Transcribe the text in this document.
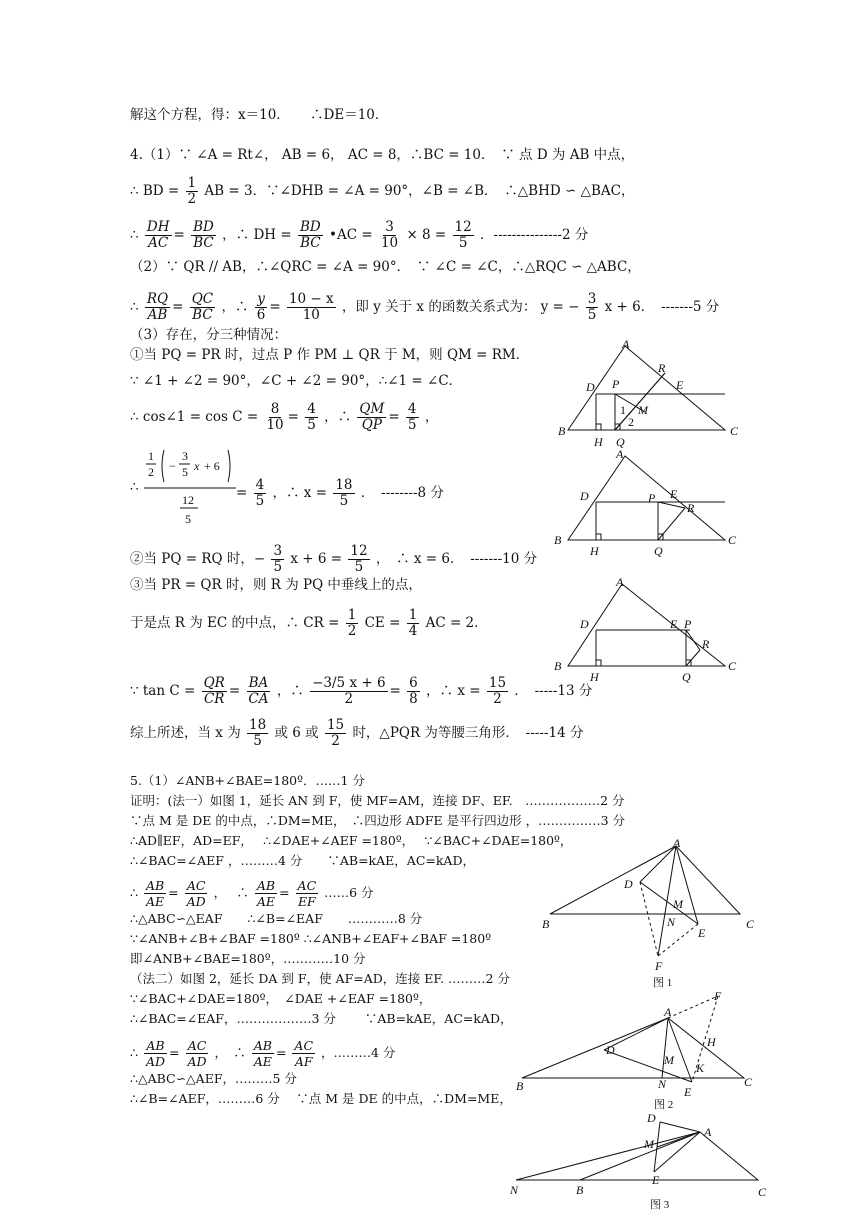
解这个方程，得：x＝10．　　∴DE＝10．
4.（1）∵ ∠A = Rt∠， AB = 6， AC = 8，∴BC = 10．　∵ 点 D 为 AB 中点，
∴ BD = $\frac{1}{2}$ AB = 3．∵∠DHB = ∠A = 90°，∠B = ∠B．　∴△BHD ∽ △BAC，
∴ $\frac{DH}{AC} = \frac{BD}{BC}$ ，∴ DH = $\frac{BD}{BC}$ •AC = $\frac{3}{10} \times 8 = \frac{12}{5}$ ．---------------2 分
（2）∵ QR // AB，∴∠QRC = ∠A = 90°．　∵ ∠C = ∠C，∴△RQC ∽ △ABC，
∴ $\frac{RQ}{AB} = \frac{QC}{BC}$ ，∴ $\frac{y}{6} = \frac{10 - x}{10}$ ，即 y 关于 x 的函数关系式为： y = − $\frac{3}{5}$ x + 6．　-------5 分
（3）存在，分三种情况：
①当 PQ = PR 时，过点 P 作 PM ⊥ QR 于 M，则 QM = RM．
∵ ∠1 + ∠2 = 90°，∠C + ∠2 = 90°，∴∠1 = ∠C．
∴ cos∠1 = $\cos C = \frac{8}{10} = \frac{4}{5}$ ，∴ $\frac{QM}{QP} = \frac{4}{5}$ ，
∴
1
2 −
3
5 x + 6
12
5
= $\frac{4}{5}$ ，∴ $x = \frac{18}{5}$ ．　--------8 分
②当 PQ = RQ 时，− $\frac{3}{5}$ $x + 6 = \frac{12}{5}$ ，　∴ x = 6．　-------10 分
③当 PR = QR 时，则 R 为 PQ 中垂线上的点，
于是点 R 为 EC 的中点，∴ CR = $\frac{1}{2}$ CE = $\frac{1}{4}$ AC = 2．
∵ $\tan C = \frac{QR}{CR} = \frac{BA}{CA}$ ，∴ $\frac{-3/5 x + 6}{2} = \frac{6}{8}$ ，∴ $x = \frac{15}{2}$ ．　-----13 分
综上所述，当 x 为 $\frac{18}{5}$ 或 6 或 $\frac{15}{2}$ 时，△PQR 为等腰三角形．　-----14 分
5.（1）∠ANB+∠BAE=180º．……1 分
证明：(法一）如图 1，延长 AN 到 F，使 MF=AM，连接 DF、EF.　………………2 分
∵点 M 是 DE 的中点，∴DM=ME，　∴四边形 ADFE 是平行四边形 ，……………3 分
∴AD∥EF，AD=EF，　 ∴∠DAE+∠AEF =180º，　 ∵∠BAC+∠DAE=180º，
∴∠BAC=∠AEF ，………4 分　　∵AB=kAE，AC=kAD，
∴ $\frac{AB}{AE} = \frac{AC}{AD}$ ，　 ∴ $\frac{AB}{AE} = \frac{AC}{EF}$ ……6 分
∴△ABC∽△EAF　　∴∠B=∠EAF　　…………8 分
∵∠ANB+∠B+∠BAF =180º ∴∠ANB+∠EAF+∠BAF =180º
即∠ANB+∠BAE=180º，…………10 分
（法二）如图 2，延长 DA 到 F，使 AF=AD，连接 EF. ………2 分
∵∠BAC+∠DAE=180º，　∠DAE +∠EAF =180º，
∴∠BAC=∠EAF，………………3 分　　 ∵AB=kAE，AC=kAD，
∴ $\frac{AB}{AD} = \frac{AC}{AD}$ ，　∴ $\frac{AB}{AE} = \frac{AC}{AF}$ ，………4 分
∴△ABC∽△AEF，………5 分
∴∠B=∠AEF，………6 分　 ∵点 M 是 DE 的中点，∴DM=ME，
A
D P
R
E
M
1
2
B
H Q
C
A
D	P E
R
B
H	Q
C
A
D	E P
R
B
H	Q
C
A
D
M
N
B	C
E
F
图 1
F
A
D
H
M
K
B	N
E
C
图 2
D
A
M
E
N	B	C
图 3
